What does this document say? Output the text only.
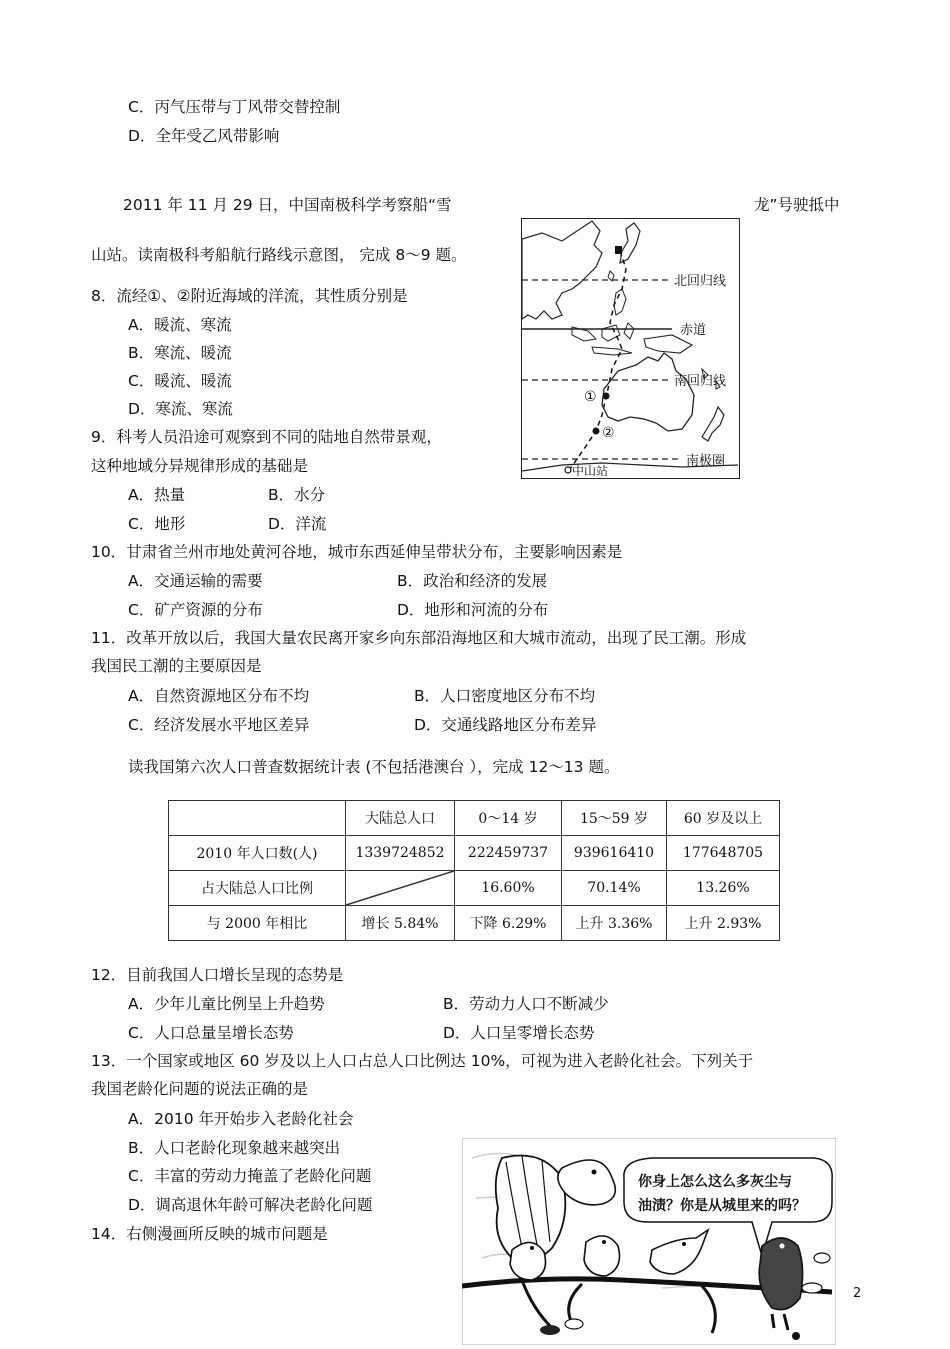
C．丙气压带与丁风带交替控制
D．全年受乙风带影响
2011 年 11 月 29 日，中国南极科学考察船“雪	龙”号驶抵中
山站。读南极科考船航行路线示意图， 完成 8～9 题。
北回归线
赤道
南回归线
南极圈
①
②
中山站
8．流经①、②附近海域的洋流，其性质分别是
A．暖流、寒流
B．寒流、暖流
C．暖流、暖流
D．寒流、寒流
9．科考人员沿途可观察到不同的陆地自然带景观，
这种地域分异规律形成的基础是
A．热量	B．水分
C．地形	D．洋流
10．甘肃省兰州市地处黄河谷地，城市东西延伸呈带状分布，主要影响因素是
A．交通运输的需要	B．政治和经济的发展
C．矿产资源的分布	D．地形和河流的分布
11．改革开放以后，我国大量农民离开家乡向东部沿海地区和大城市流动，出现了民工潮。形成
我国民工潮的主要原因是
A．自然资源地区分布不均	B．人口密度地区分布不均
C．经济发展水平地区差异	D．交通线路地区分布差异
读我国第六次人口普查数据统计表 (不包括港澳台 ），完成 12～13 题。
	大陆总人口	0～14 岁	15～59 岁	60 岁及以上
2010 年人口数(人)	1339724852	222459737	939616410	177648705
占大陆总人口比例		16.60%	70.14%	13.26%
与 2000 年相比	增长 5.84%	下降 6.29%	上升 3.36%	上升 2.93%
12．目前我国人口增长呈现的态势是
A．少年儿童比例呈上升趋势	B．劳动力人口不断减少
C．人口总量呈增长态势	D．人口呈零增长态势
13．一个国家或地区 60 岁及以上人口占总人口比例达 10%，可视为进入老龄化社会。下列关于
我国老龄化问题的说法正确的是
A．2010 年开始步入老龄化社会
B．人口老龄化现象越来越突出
C．丰富的劳动力掩盖了老龄化问题
D．调高退休年龄可解决老龄化问题
14．右侧漫画所反映的城市问题是
你身上怎么这么多灰尘与
油渍？你是从城里来的吗？
2
